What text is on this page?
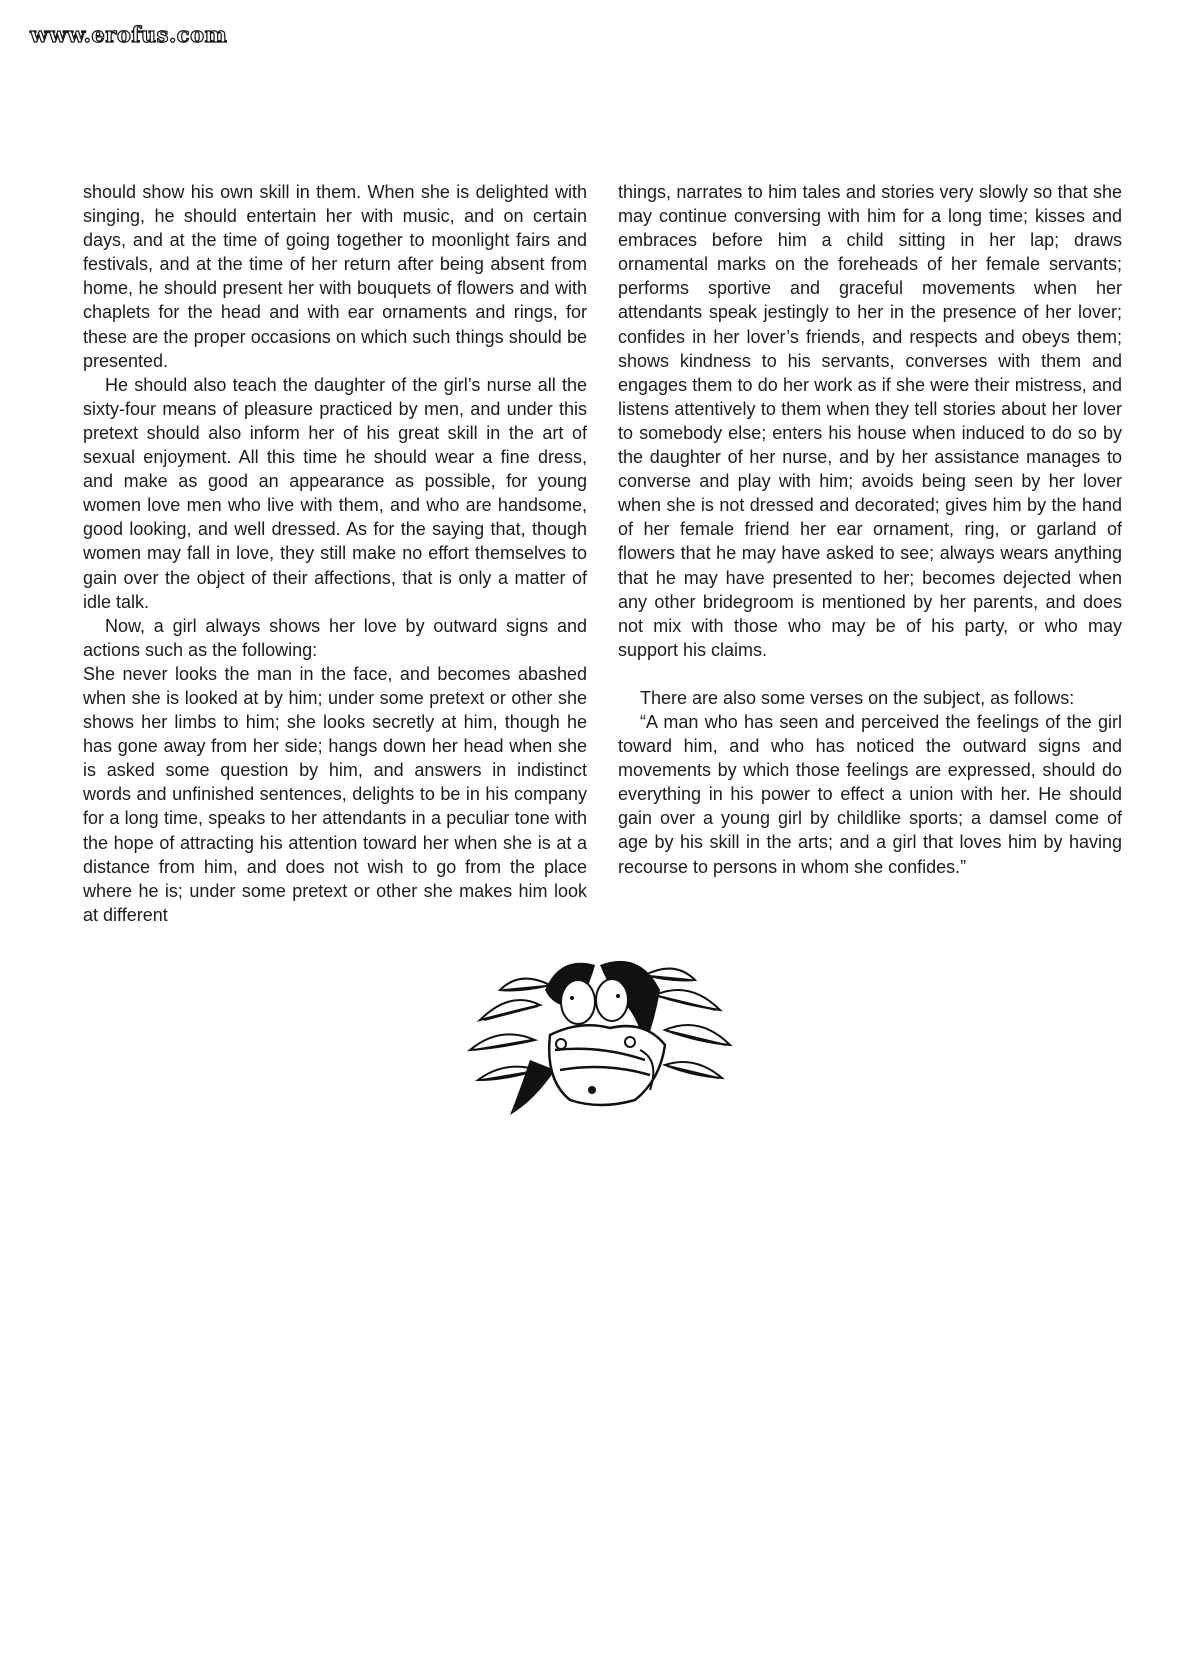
www.erofus.com

should show his own skill in them. When she is delighted with singing, he should entertain her with music, and on certain days, and at the time of going together to moonlight fairs and festivals, and at the time of her return after being absent from home, he should present her with bouquets of flowers and with chaplets for the head and with ear ornaments and rings, for these are the proper occasions on which such things should be presented.

He should also teach the daughter of the girl’s nurse all the sixty-four means of pleasure practiced by men, and under this pretext should also inform her of his great skill in the art of sexual enjoyment. All this time he should wear a fine dress, and make as good an appearance as possible, for young women love men who live with them, and who are handsome, good looking, and well dressed. As for the saying that, though women may fall in love, they still make no effort themselves to gain over the object of their affections, that is only a matter of idle talk.

Now, a girl always shows her love by outward signs and actions such as the following:

She never looks the man in the face, and becomes abashed when she is looked at by him; under some pretext or other she shows her limbs to him; she looks secretly at him, though he has gone away from her side; hangs down her head when she is asked some question by him, and answers in indistinct words and unfinished sentences, delights to be in his company for a long time, speaks to her attendants in a peculiar tone with the hope of attracting his attention toward her when she is at a distance from him, and does not wish to go from the place where he is; under some pretext or other she makes him look at different

things, narrates to him tales and stories very slowly so that she may continue conversing with him for a long time; kisses and embraces before him a child sitting in her lap; draws ornamental marks on the foreheads of her female servants; performs sportive and graceful movements when her attendants speak jestingly to her in the presence of her lover; confides in her lover’s friends, and respects and obeys them; shows kindness to his servants, converses with them and engages them to do her work as if she were their mistress, and listens attentively to them when they tell stories about her lover to somebody else; enters his house when induced to do so by the daughter of her nurse, and by her assistance manages to converse and play with him; avoids being seen by her lover when she is not dressed and decorated; gives him by the hand of her female friend her ear ornament, ring, or garland of flowers that he may have asked to see; always wears anything that he may have presented to her; becomes dejected when any other bridegroom is mentioned by her parents, and does not mix with those who may be of his party, or who may support his claims.

There are also some verses on the subject, as follows:

“A man who has seen and perceived the feelings of the girl toward him, and who has noticed the outward signs and movements by which those feelings are expressed, should do everything in his power to effect a union with her. He should gain over a young girl by childlike sports; a damsel come of age by his skill in the arts; and a girl that loves him by having recourse to persons in whom she confides.”
